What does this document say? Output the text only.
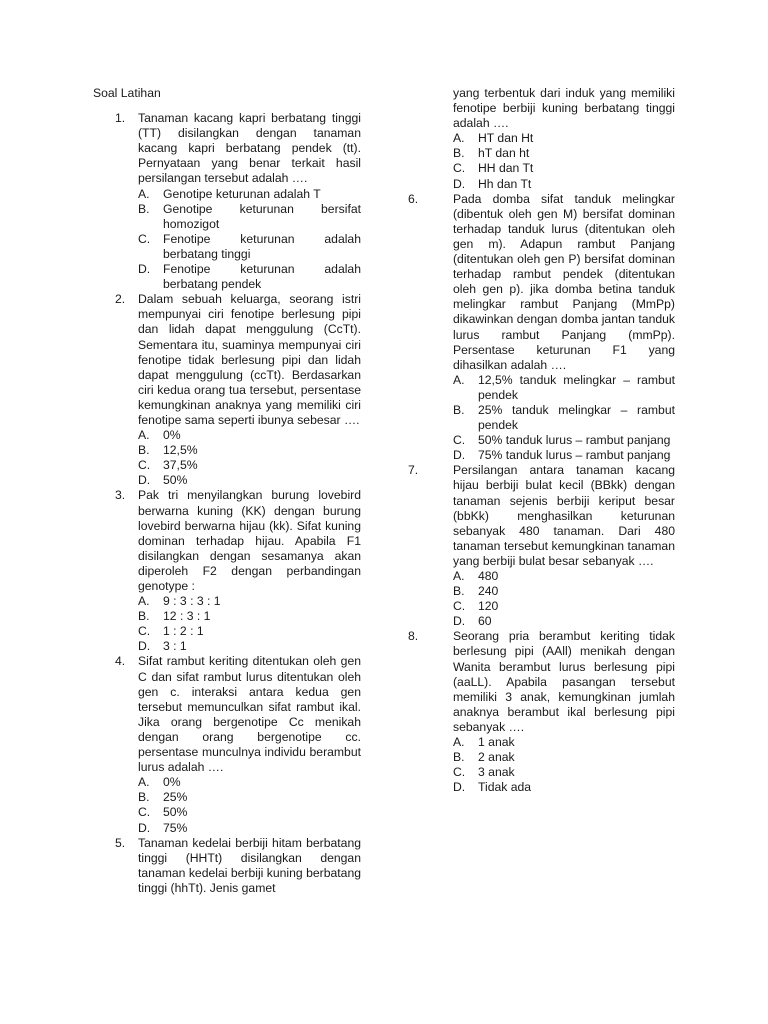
Soal Latihan
1. Tanaman kacang kapri berbatang tinggi (TT) disilangkan dengan tanaman kacang kapri berbatang pendek (tt). Pernyataan yang benar terkait hasil persilangan tersebut adalah ….
A. Genotipe keturunan adalah T
B. Genotipe keturunan bersifat homozigot
C. Fenotipe keturunan adalah berbatang tinggi
D. Fenotipe keturunan adalah berbatang pendek
2. Dalam sebuah keluarga, seorang istri mempunyai ciri fenotipe berlesung pipi dan lidah dapat menggulung (CcTt). Sementara itu, suaminya mempunyai ciri fenotipe tidak berlesung pipi dan lidah dapat menggulung (ccTt). Berdasarkan ciri kedua orang tua tersebut, persentase kemungkinan anaknya yang memiliki ciri fenotipe sama seperti ibunya sebesar ….
A. 0%
B. 12,5%
C. 37,5%
D. 50%
3. Pak tri menyilangkan burung lovebird berwarna kuning (KK) dengan burung lovebird berwarna hijau (kk). Sifat kuning dominan terhadap hijau. Apabila F1 disilangkan dengan sesamanya akan diperoleh F2 dengan perbandingan genotype :
A. 9 : 3 : 3 : 1
B. 12 : 3 : 1
C. 1 : 2 : 1
D. 3 : 1
4. Sifat rambut keriting ditentukan oleh gen C dan sifat rambut lurus ditentukan oleh gen c. interaksi antara kedua gen tersebut memunculkan sifat rambut ikal. Jika orang bergenotipe Cc menikah dengan orang bergenotipe cc. persentase munculnya individu berambut lurus adalah ….
A. 0%
B. 25%
C. 50%
D. 75%
5. Tanaman kedelai berbiji hitam berbatang tinggi (HHTt) disilangkan dengan tanaman kedelai berbiji kuning berbatang tinggi (hhTt). Jenis gamet
yang terbentuk dari induk yang memiliki fenotipe berbiji kuning berbatang tinggi adalah ….
A. HT dan Ht
B. hT dan ht
C. HH dan Tt
D. Hh dan Tt
6.	Pada domba sifat tanduk melingkar (dibentuk oleh gen M) bersifat dominan terhadap tanduk lurus (ditentukan oleh gen m). Adapun rambut Panjang (ditentukan oleh gen P) bersifat dominan terhadap rambut pendek (ditentukan oleh gen p). jika domba betina tanduk melingkar rambut Panjang (MmPp) dikawinkan dengan domba jantan tanduk lurus rambut Panjang (mmPp). Persentase keturunan F1 yang dihasilkan adalah ….
A. 12,5% tanduk melingkar – rambut pendek
B. 25% tanduk melingkar – rambut pendek
C. 50% tanduk lurus – rambut panjang
D. 75% tanduk lurus – rambut panjang
7.	Persilangan antara tanaman kacang hijau berbiji bulat kecil (BBkk) dengan tanaman sejenis berbiji keriput besar (bbKk) menghasilkan keturunan sebanyak 480 tanaman. Dari 480 tanaman tersebut kemungkinan tanaman yang berbiji bulat besar sebanyak ….
A. 480
B. 240
C. 120
D. 60
8.	Seorang pria berambut keriting tidak berlesung pipi (AAll) menikah dengan Wanita berambut lurus berlesung pipi (aaLL). Apabila pasangan tersebut memiliki 3 anak, kemungkinan jumlah anaknya berambut ikal berlesung pipi sebanyak ….
A. 1 anak
B. 2 anak
C. 3 anak
D. Tidak ada
